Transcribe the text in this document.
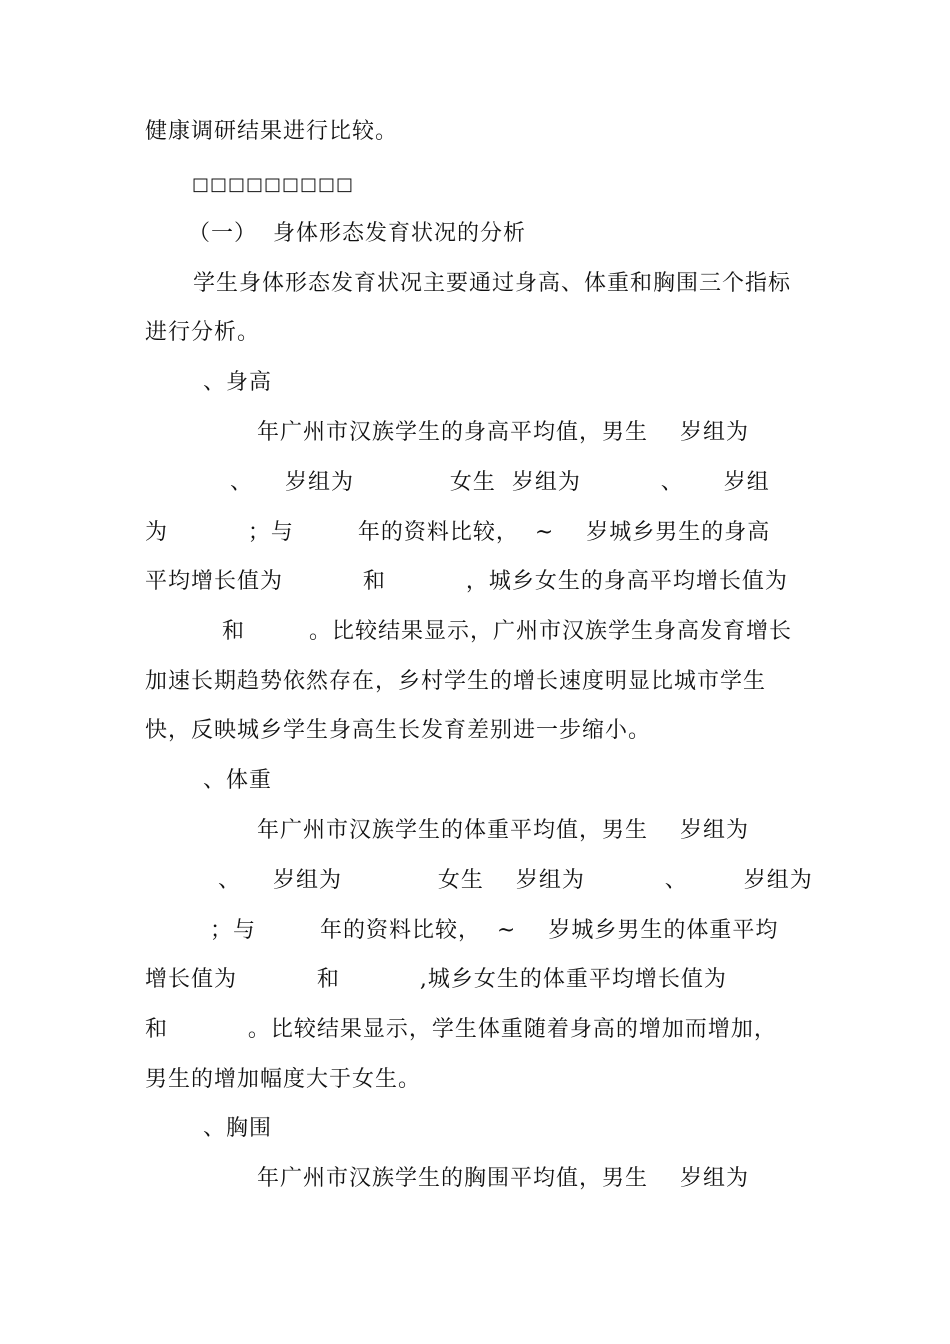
健康调研结果进行比较。
□□□□□□□□□
（一）  身体形态发育状况的分析
学生身体形态发育状况主要通过身高、体重和胸围三个指标
进行分析。
、身高
年广州市汉族学生的身高平均值，男生    岁组为
、    岁组为            女生  岁组为          、     岁组
为          ；与        年的资料比较，  ~    岁城乡男生的身高
平均增长值为          和          ，城乡女生的身高平均增长值为
和        。比较结果显示，广州市汉族学生身高发育增长
加速长期趋势依然存在，乡村学生的增长速度明显比城市学生
快，反映城乡学生身高生长发育差别进一步缩小。
、体重
年广州市汉族学生的体重平均值，男生    岁组为
、    岁组为            女生    岁组为          、       岁组为
；与        年的资料比较，  ~    岁城乡男生的体重平均
增长值为          和          ,城乡女生的体重平均增长值为
和          。比较结果显示，学生体重随着身高的增加而增加，
男生的增加幅度大于女生。
、胸围
年广州市汉族学生的胸围平均值，男生    岁组为
